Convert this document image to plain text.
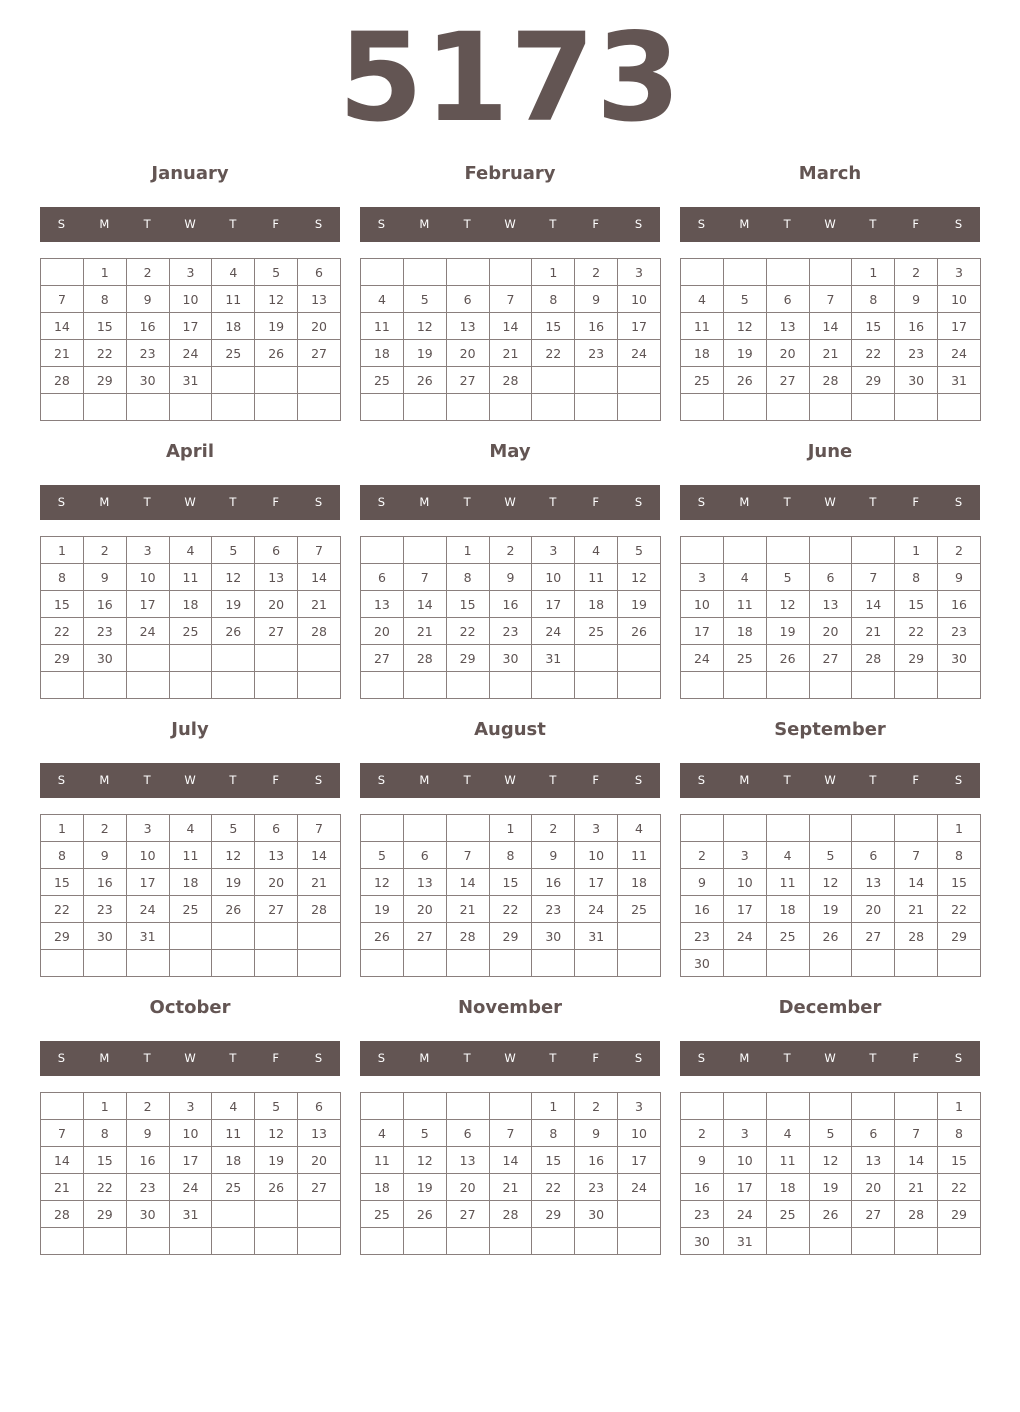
5173
January
S	M	T	W	T	F	S
	1	2	3	4	5	6
7	8	9	10	11	12	13
14	15	16	17	18	19	20
21	22	23	24	25	26	27
28	29	30	31			

February
S	M	T	W	T	F	S
				1	2	3
4	5	6	7	8	9	10
11	12	13	14	15	16	17
18	19	20	21	22	23	24
25	26	27	28			

March
S	M	T	W	T	F	S
				1	2	3
4	5	6	7	8	9	10
11	12	13	14	15	16	17
18	19	20	21	22	23	24
25	26	27	28	29	30	31

April
S	M	T	W	T	F	S
1	2	3	4	5	6	7
8	9	10	11	12	13	14
15	16	17	18	19	20	21
22	23	24	25	26	27	28
29	30					

May
S	M	T	W	T	F	S
		1	2	3	4	5
6	7	8	9	10	11	12
13	14	15	16	17	18	19
20	21	22	23	24	25	26
27	28	29	30	31		

June
S	M	T	W	T	F	S
					1	2
3	4	5	6	7	8	9
10	11	12	13	14	15	16
17	18	19	20	21	22	23
24	25	26	27	28	29	30

July
S	M	T	W	T	F	S
1	2	3	4	5	6	7
8	9	10	11	12	13	14
15	16	17	18	19	20	21
22	23	24	25	26	27	28
29	30	31				

August
S	M	T	W	T	F	S
			1	2	3	4
5	6	7	8	9	10	11
12	13	14	15	16	17	18
19	20	21	22	23	24	25
26	27	28	29	30	31	

September
S	M	T	W	T	F	S
						1
2	3	4	5	6	7	8
9	10	11	12	13	14	15
16	17	18	19	20	21	22
23	24	25	26	27	28	29
30						
October
S	M	T	W	T	F	S
	1	2	3	4	5	6
7	8	9	10	11	12	13
14	15	16	17	18	19	20
21	22	23	24	25	26	27
28	29	30	31			

November
S	M	T	W	T	F	S
				1	2	3
4	5	6	7	8	9	10
11	12	13	14	15	16	17
18	19	20	21	22	23	24
25	26	27	28	29	30	

December
S	M	T	W	T	F	S
						1
2	3	4	5	6	7	8
9	10	11	12	13	14	15
16	17	18	19	20	21	22
23	24	25	26	27	28	29
30	31					
